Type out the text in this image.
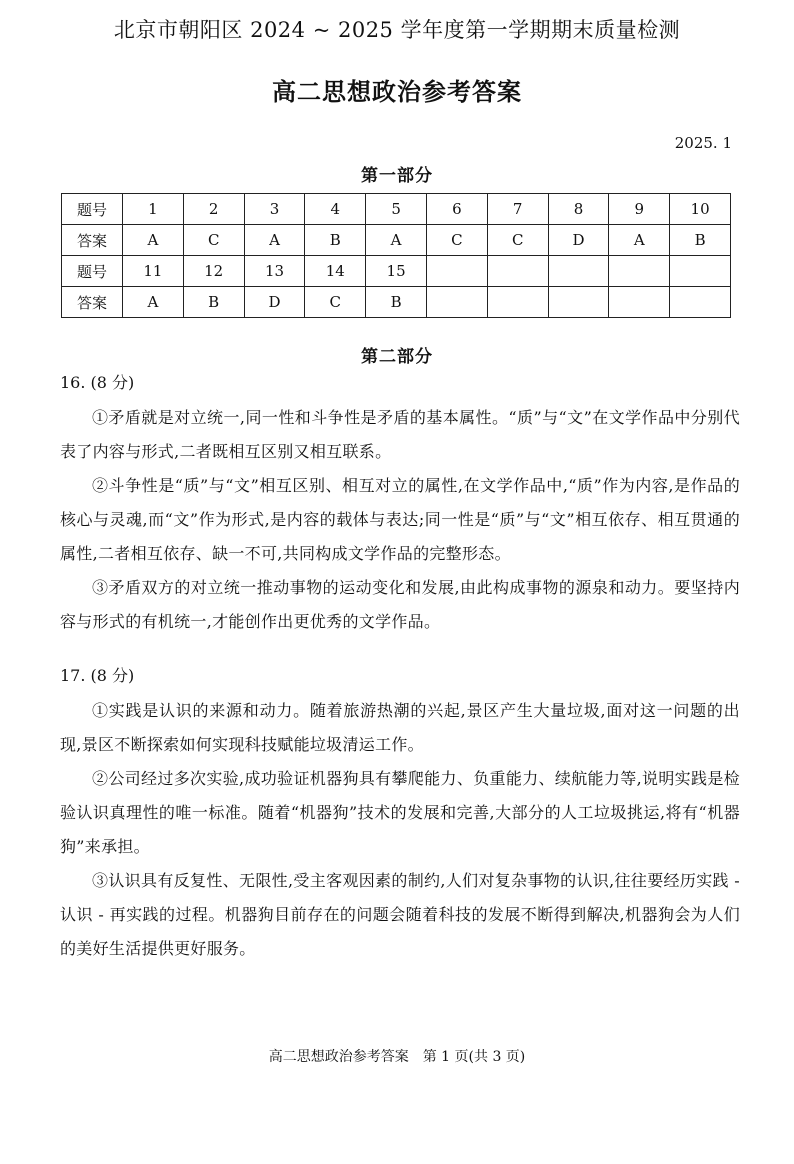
北京市朝阳区 2024 ~ 2025 学年度第一学期期末质量检测
高二思想政治参考答案
2025. 1
第一部分
题号	1	2	3	4	5	6	7	8	9	10
答案	A	C	A	B	A	C	C	D	A	B
题号	11	12	13	14	15					
答案	A	B	D	C	B					
第二部分
16. (8 分)

①矛盾就是对立统一,同一性和斗争性是矛盾的基本属性。“质”与“文”在文学作品中分别代表了内容与形式,二者既相互区别又相互联系。

②斗争性是“质”与“文”相互区别、相互对立的属性,在文学作品中,“质”作为内容,是作品的核心与灵魂,而“文”作为形式,是内容的载体与表达;同一性是“质”与“文”相互依存、相互贯通的属性,二者相互依存、缺一不可,共同构成文学作品的完整形态。

③矛盾双方的对立统一推动事物的运动变化和发展,由此构成事物的源泉和动力。要坚持内容与形式的有机统一,才能创作出更优秀的文学作品。

17. (8 分)

①实践是认识的来源和动力。随着旅游热潮的兴起,景区产生大量垃圾,面对这一问题的出现,景区不断探索如何实现科技赋能垃圾清运工作。

②公司经过多次实验,成功验证机器狗具有攀爬能力、负重能力、续航能力等,说明实践是检验认识真理性的唯一标准。随着“机器狗”技术的发展和完善,大部分的人工垃圾挑运,将有“机器狗”来承担。

③认识具有反复性、无限性,受主客观因素的制约,人们对复杂事物的认识,往往要经历实践 - 认识 - 再实践的过程。机器狗目前存在的问题会随着科技的发展不断得到解决,机器狗会为人们的美好生活提供更好服务。

高二思想政治参考答案　第 1 页(共 3 页)
